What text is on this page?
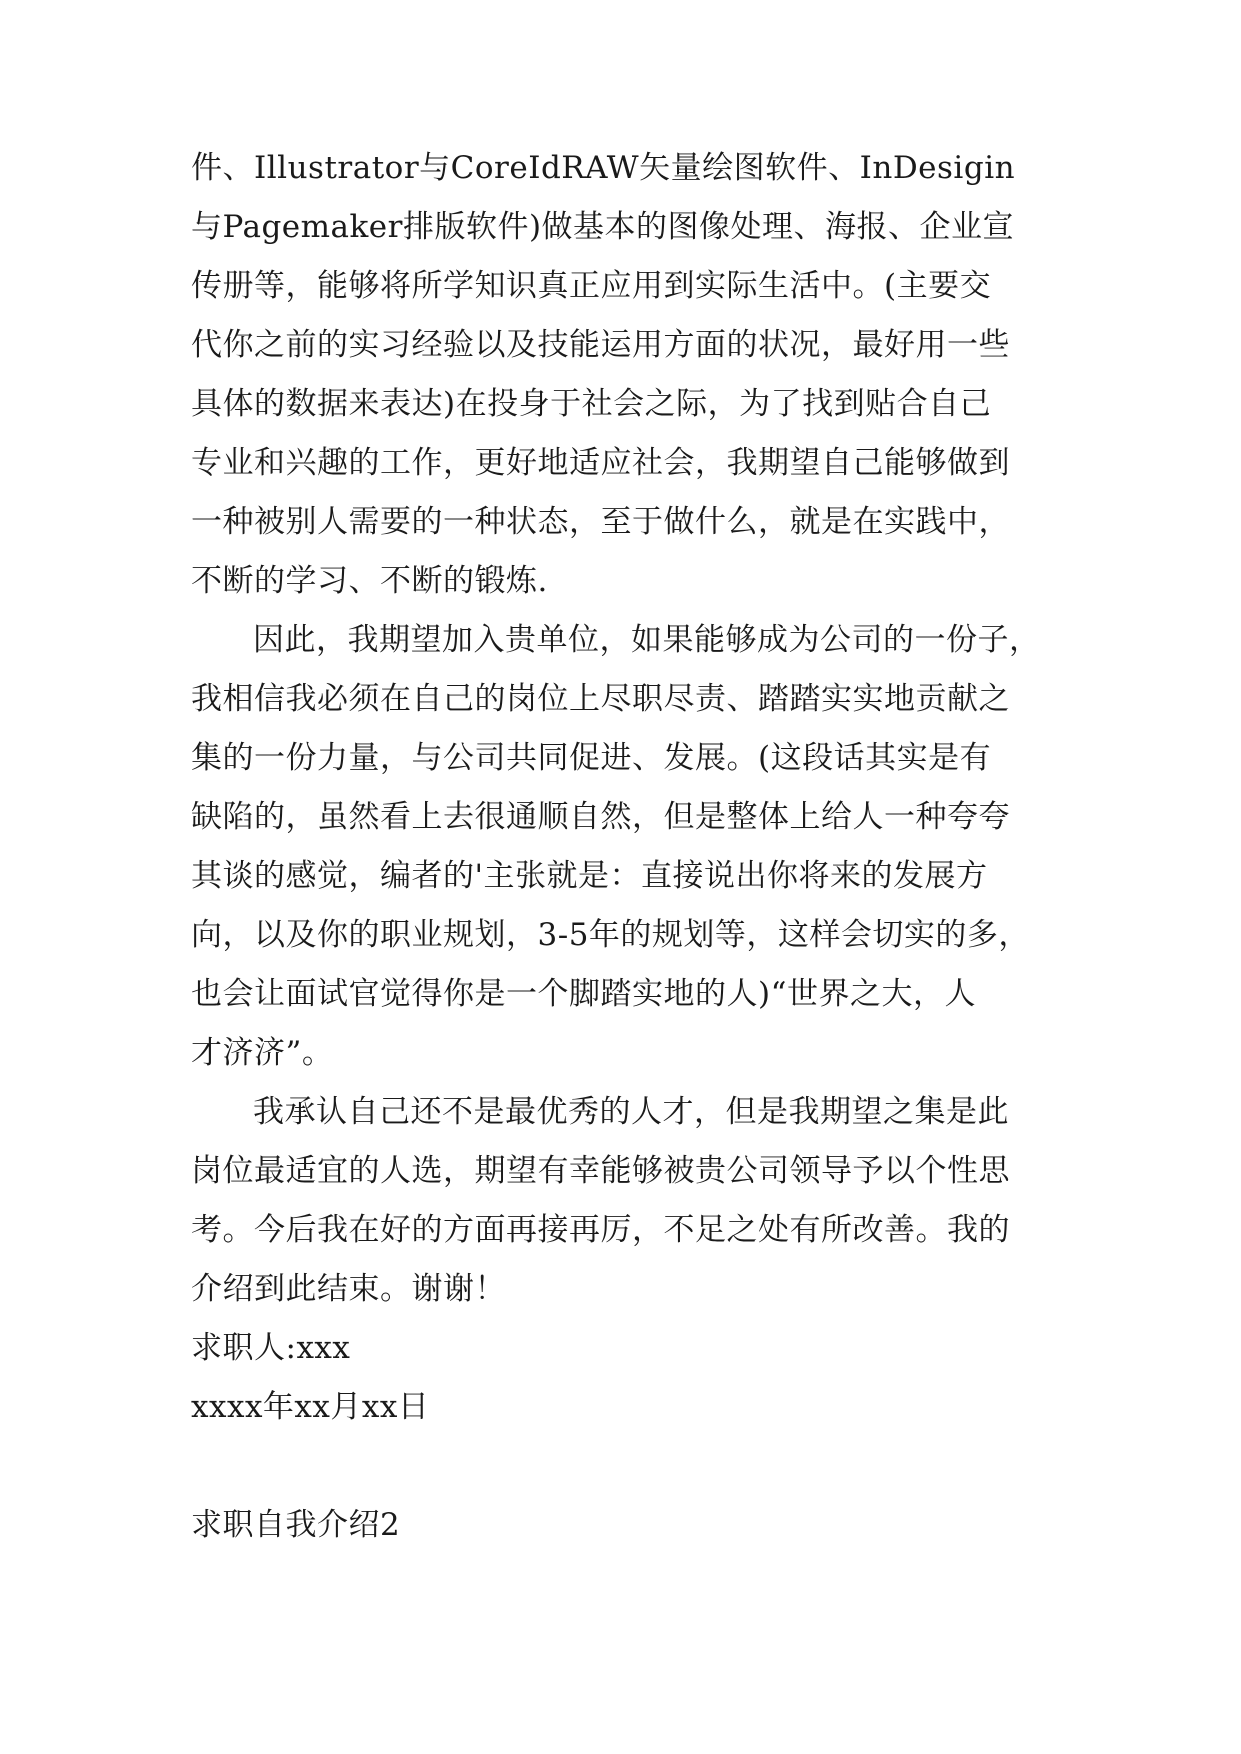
件、Illustrator与CoreIdRAW矢量绘图软件、InDesigin
与Pagemaker排版软件)做基本的图像处理、海报、企业宣
传册等，能够将所学知识真正应用到实际生活中。(主要交
代你之前的实习经验以及技能运用方面的状况，最好用一些
具体的数据来表达)在投身于社会之际，为了找到贴合自己
专业和兴趣的工作，更好地适应社会，我期望自己能够做到
一种被别人需要的一种状态，至于做什么，就是在实践中，
不断的学习、不断的锻炼.
因此，我期望加入贵单位，如果能够成为公司的一份子，
我相信我必须在自己的岗位上尽职尽责、踏踏实实地贡献之
集的一份力量，与公司共同促进、发展。(这段话其实是有
缺陷的，虽然看上去很通顺自然，但是整体上给人一种夸夸
其谈的感觉，编者的'主张就是：直接说出你将来的发展方
向，以及你的职业规划，3-5年的规划等，这样会切实的多，
也会让面试官觉得你是一个脚踏实地的人)“世界之大，人
才济济”。
我承认自己还不是最优秀的人才，但是我期望之集是此
岗位最适宜的人选，期望有幸能够被贵公司领导予以个性思
考。今后我在好的方面再接再厉，不足之处有所改善。我的
介绍到此结束。谢谢！
求职人:xxx
xxxx年xx月xx日
求职自我介绍2
